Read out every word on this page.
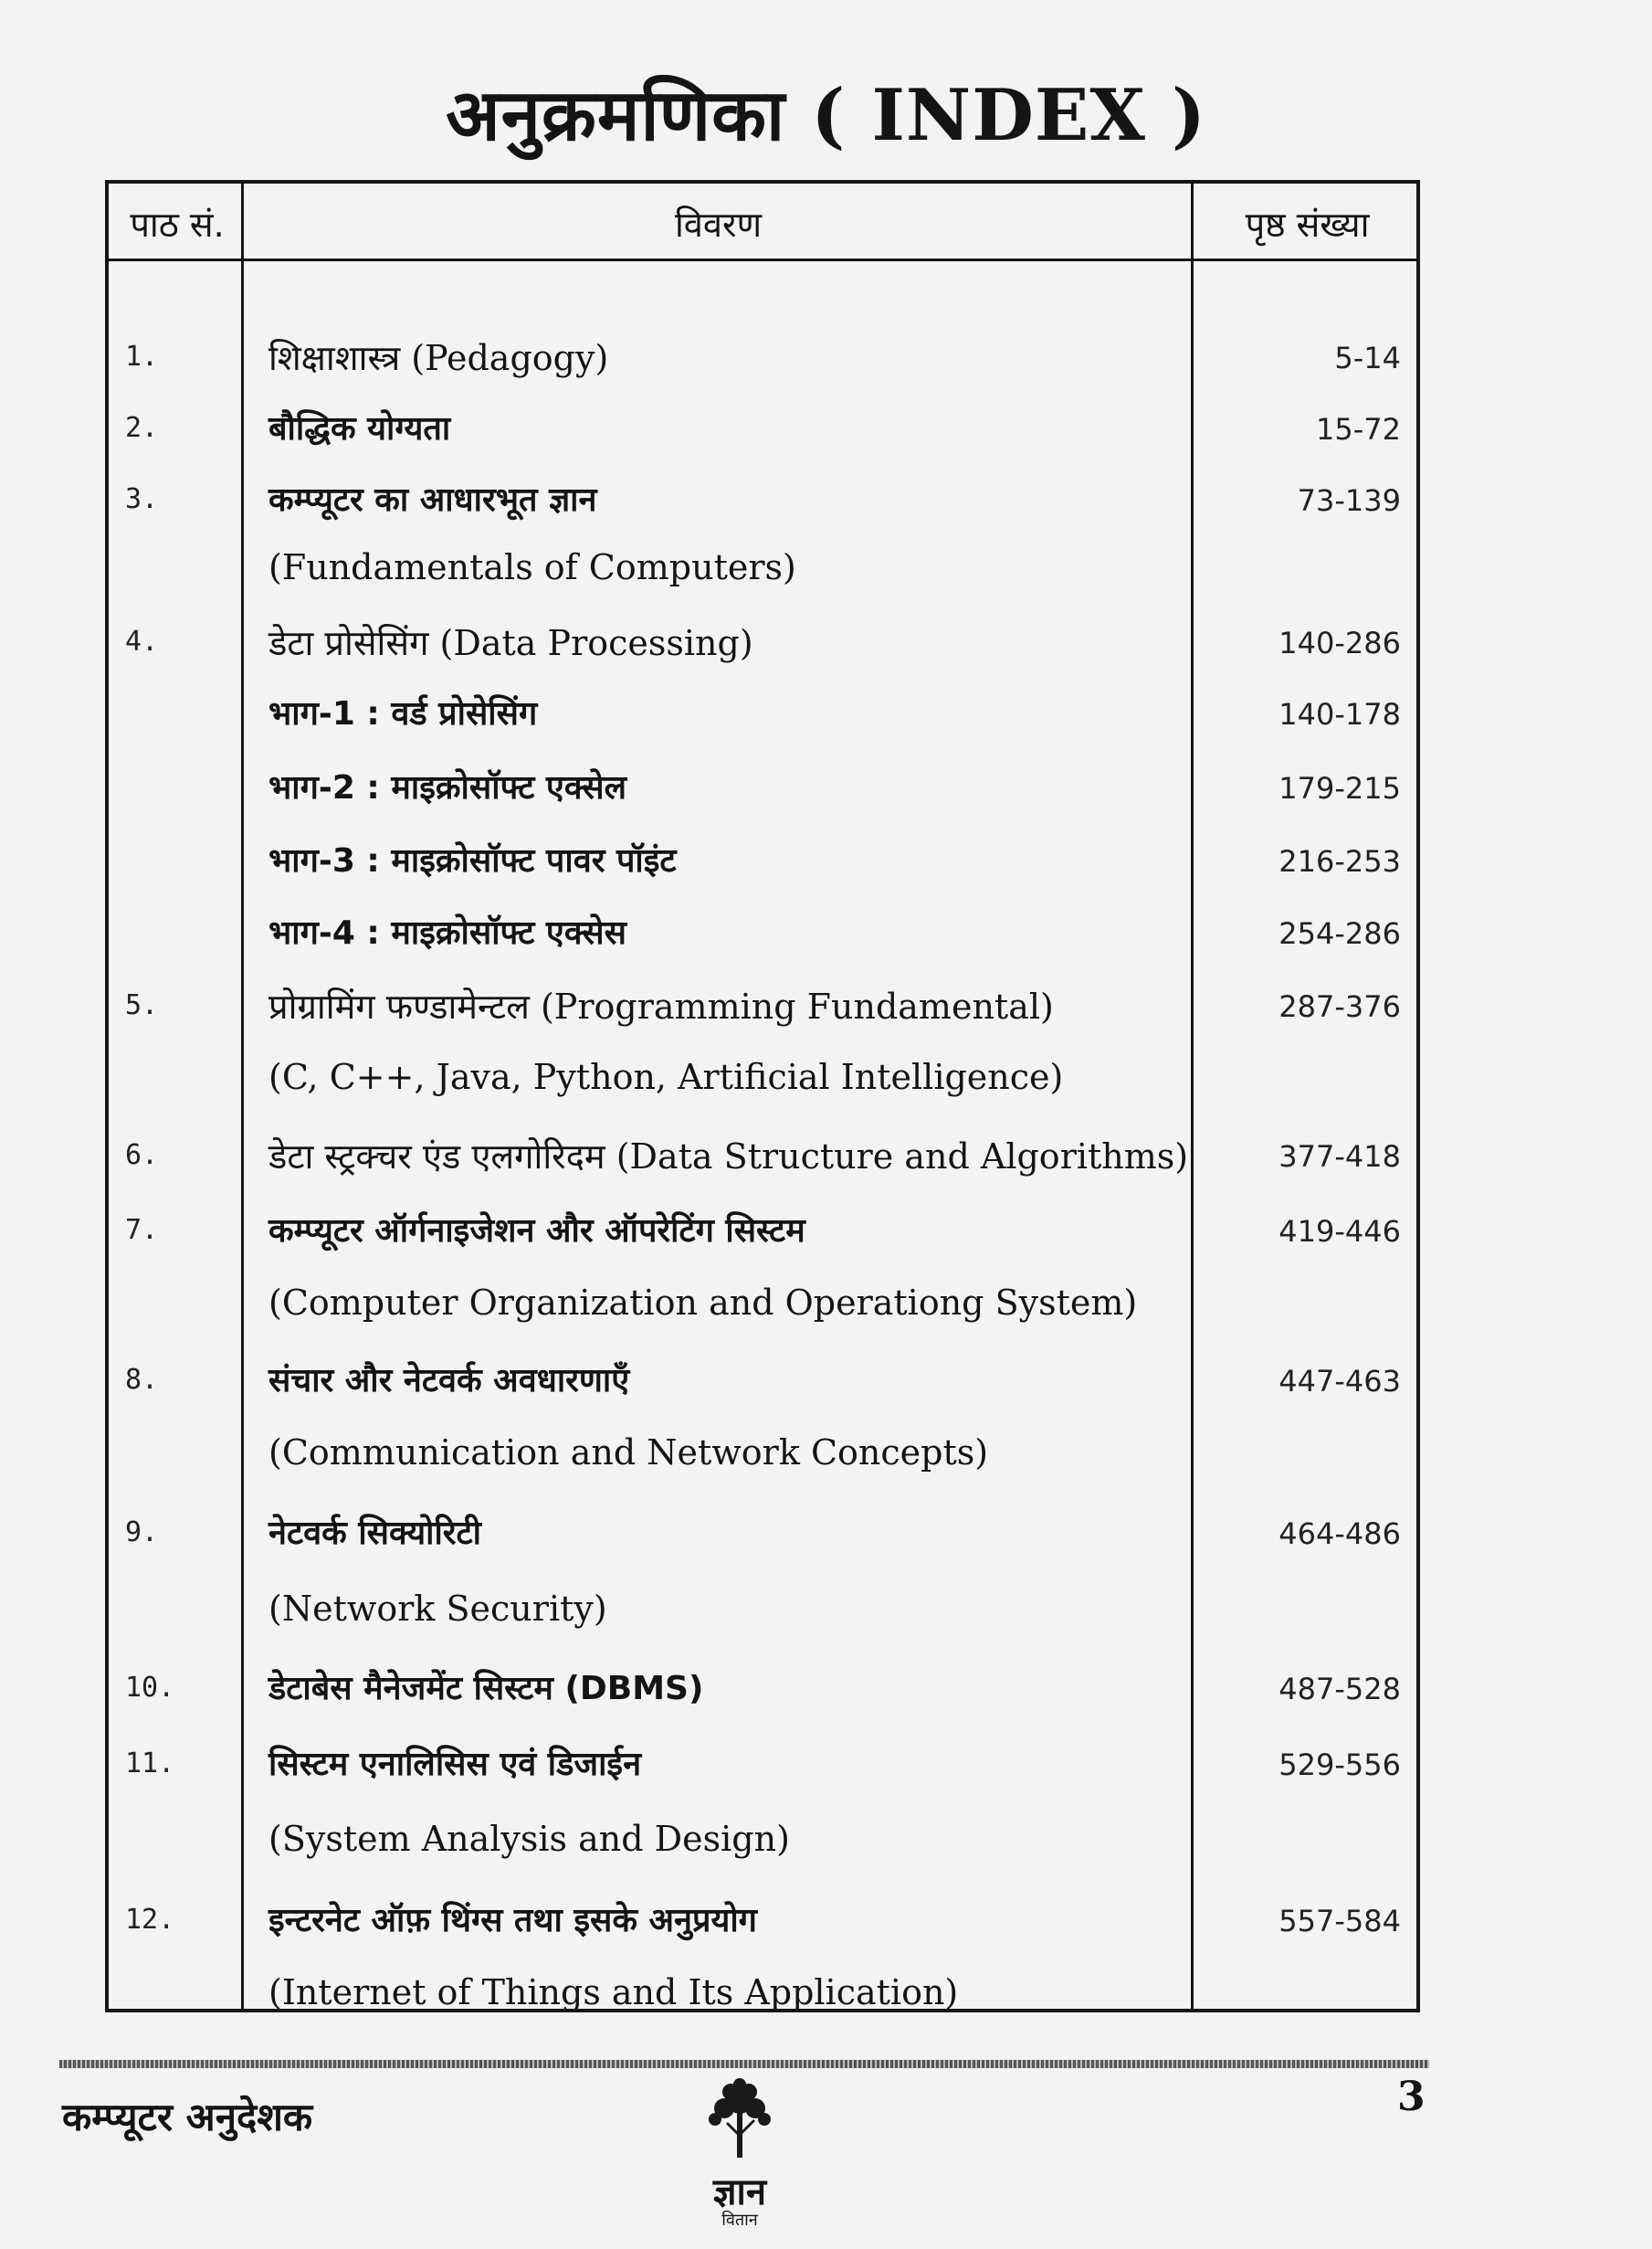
अनुक्रमणिका ( INDEX )
पाठ सं.	विवरण	पृष्ठ संख्या
1.	शिक्षाशास्त्र (Pedagogy)	5-14
2.	बौद्धिक योग्यता	15-72
3.	कम्प्यूटर का आधारभूत ज्ञान	73-139
(Fundamentals of Computers)
4.	डेटा प्रोसेसिंग (Data Processing)	140-286
भाग-1 : वर्ड प्रोसेसिंग	140-178
भाग-2 : माइक्रोसॉफ्ट एक्सेल	179-215
भाग-3 : माइक्रोसॉफ्ट पावर पॉइंट	216-253
भाग-4 : माइक्रोसॉफ्ट एक्सेस	254-286
5.	प्रोग्रामिंग फण्डामेन्टल (Programming Fundamental)	287-376
(C, C++, Java, Python, Artificial Intelligence)
6.	डेटा स्ट्रक्चर एंड एलगोरिदम (Data Structure and Algorithms)	377-418
7.	कम्प्यूटर ऑर्गनाइजेशन और ऑपरेटिंग सिस्टम	419-446
(Computer Organization and Operationg System)
8.	संचार और नेटवर्क अवधारणाएँ	447-463
(Communication and Network Concepts)
9.	नेटवर्क सिक्योरिटी	464-486
(Network Security)
10.	डेटाबेस मैनेजमेंट सिस्टम (DBMS)	487-528
11.	सिस्टम एनालिसिस एवं डिजाईन	529-556
(System Analysis and Design)
12.	इन्टरनेट ऑफ़ थिंग्स तथा इसके अनुप्रयोग	557-584
(Internet of Things and Its Application)
कम्प्यूटर अनुदेशक
ज्ञान
वितान
3
